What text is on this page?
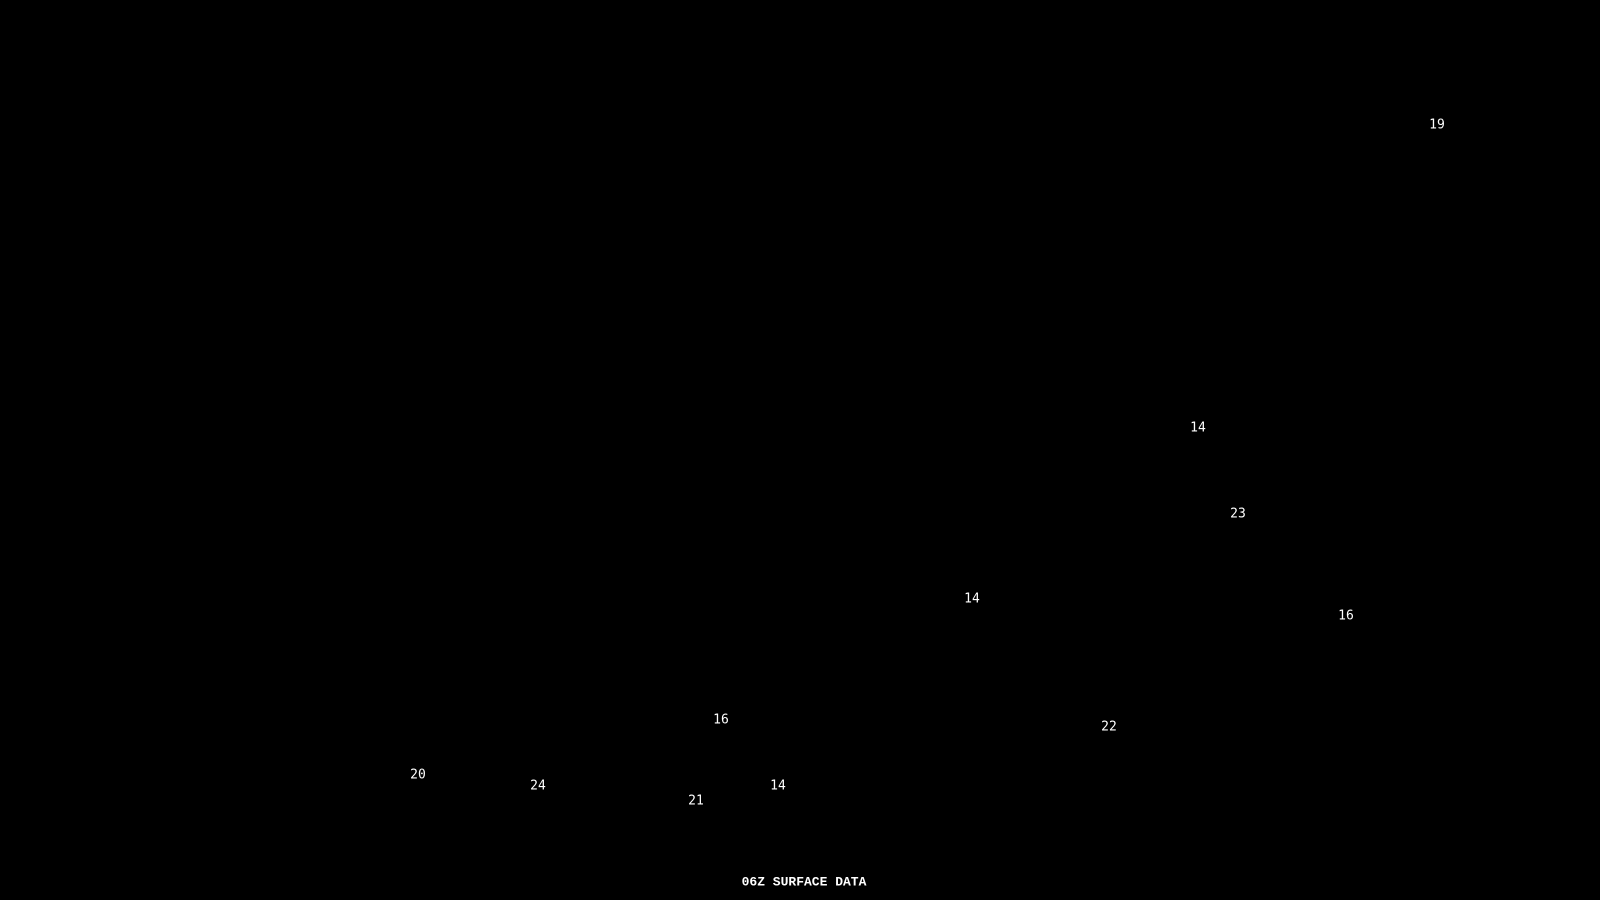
19
14
23
14
16
16	22
20
24	14
21
06Z SURFACE DATA
